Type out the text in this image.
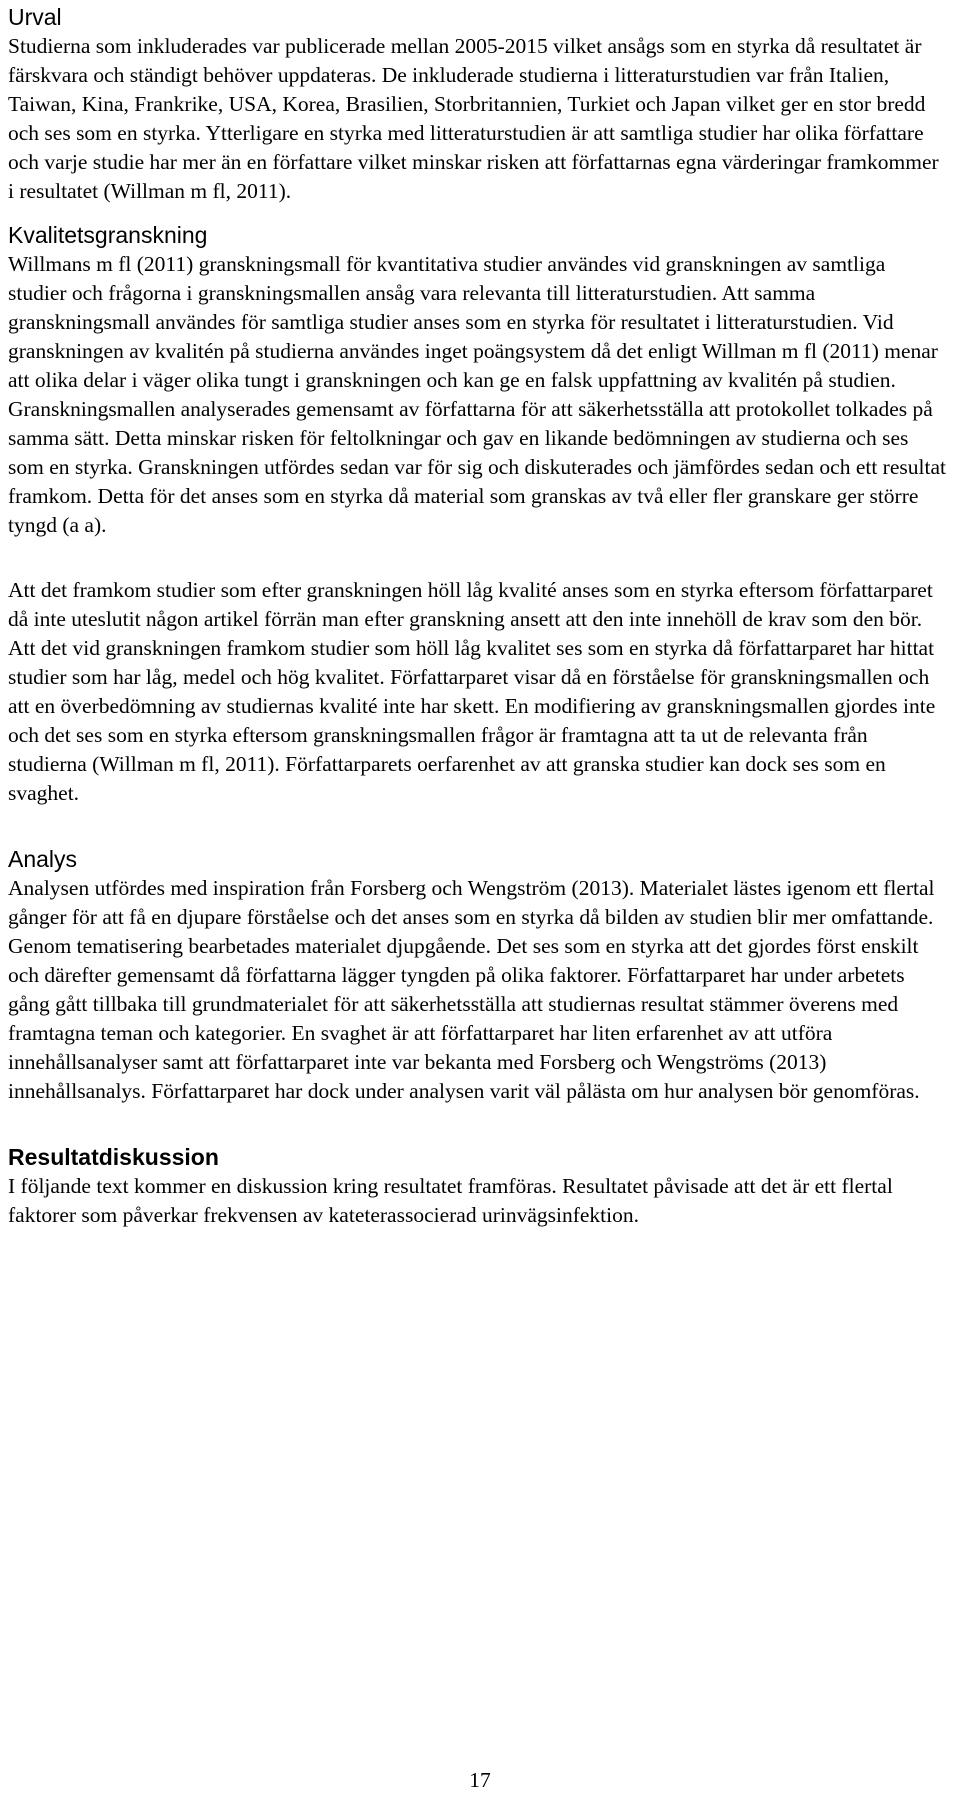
Urval

Studierna som inkluderades var publicerade mellan 2005-2015 vilket ansågs som en styrka då resultatet är färskvara och ständigt behöver uppdateras. De inkluderade studierna i litteraturstudien var från Italien, Taiwan, Kina, Frankrike, USA, Korea, Brasilien, Storbritannien, Turkiet och Japan vilket ger en stor bredd och ses som en styrka. Ytterligare en styrka med litteraturstudien är att samtliga studier har olika författare och varje studie har mer än en författare vilket minskar risken att författarnas egna värderingar framkommer i resultatet (Willman m fl, 2011).

Kvalitetsgranskning

Willmans m fl (2011) granskningsmall för kvantitativa studier användes vid granskningen av samtliga studier och frågorna i granskningsmallen ansåg vara relevanta till litteraturstudien. Att samma granskningsmall användes för samtliga studier anses som en styrka för resultatet i litteraturstudien. Vid granskningen av kvalitén på studierna användes inget poängsystem då det enligt Willman m fl (2011) menar att olika delar i väger olika tungt i granskningen och kan ge en falsk uppfattning av kvalitén på studien. Granskningsmallen analyserades gemensamt av författarna för att säkerhetsställa att protokollet tolkades på samma sätt. Detta minskar risken för feltolkningar och gav en likande bedömningen av studierna och ses som en styrka. Granskningen utfördes sedan var för sig och diskuterades och jämfördes sedan och ett resultat framkom. Detta för det anses som en styrka då material som granskas av två eller fler granskare ger större tyngd (a a).

Att det framkom studier som efter granskningen höll låg kvalité anses som en styrka eftersom författarparet då inte uteslutit någon artikel förrän man efter granskning ansett att den inte innehöll de krav som den bör. Att det vid granskningen framkom studier som höll låg kvalitet ses som en styrka då författarparet har hittat studier som har låg, medel och hög kvalitet. Författarparet visar då en förståelse för granskningsmallen och att en överbedömning av studiernas kvalité inte har skett. En modifiering av granskningsmallen gjordes inte och det ses som en styrka eftersom granskningsmallen frågor är framtagna att ta ut de relevanta från studierna (Willman m fl, 2011). Författarparets oerfarenhet av att granska studier kan dock ses som en svaghet.

Analys

Analysen utfördes med inspiration från Forsberg och Wengström (2013). Materialet lästes igenom ett flertal gånger för att få en djupare förståelse och det anses som en styrka då bilden av studien blir mer omfattande. Genom tematisering bearbetades materialet djupgående. Det ses som en styrka att det gjordes först enskilt och därefter gemensamt då författarna lägger tyngden på olika faktorer. Författarparet har under arbetets gång gått tillbaka till grundmaterialet för att säkerhetsställa att studiernas resultat stämmer överens med framtagna teman och kategorier. En svaghet är att författarparet har liten erfarenhet av att utföra innehållsanalyser samt att författarparet inte var bekanta med Forsberg och Wengströms (2013) innehållsanalys. Författarparet har dock under analysen varit väl pålästa om hur analysen bör genomföras.

Resultatdiskussion

I följande text kommer en diskussion kring resultatet framföras. Resultatet påvisade att det är ett flertal faktorer som påverkar frekvensen av kateterassocierad urinvägsinfektion.

17
